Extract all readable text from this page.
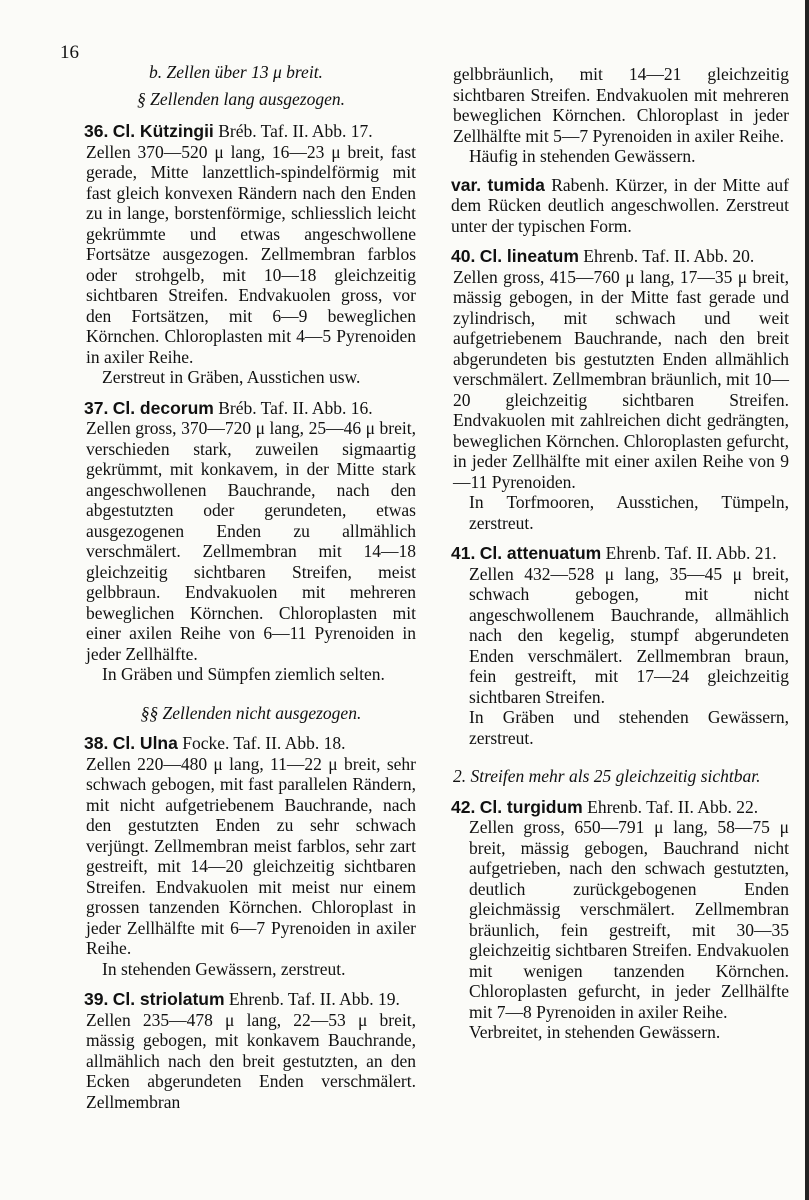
16

b. Zellen über 13 μ breit.

§ Zellenden lang ausgezogen.

36. Cl. Kützingii Bréb. Taf. II. Abb. 17.

Zellen 370—520 μ lang, 16—23 μ breit, fast gerade, Mitte lanzettlich-spindelförmig mit fast gleich konvexen Rändern nach den Enden zu in lange, borstenförmige, schliesslich leicht gekrümmte und etwas angeschwollene Fortsätze ausgezogen. Zellmembran farblos oder strohgelb, mit 10—18 gleichzeitig sichtbaren Streifen. Endvakuolen gross, vor den Fortsätzen, mit 6—9 beweglichen Körnchen. Chloroplasten mit 4—5 Pyrenoiden in axiler Reihe.

Zerstreut in Gräben, Ausstichen usw.

37. Cl. decorum Bréb. Taf. II. Abb. 16.

Zellen gross, 370—720 μ lang, 25—46 μ breit, verschieden stark, zuweilen sigmaartig gekrümmt, mit konkavem, in der Mitte stark angeschwollenen Bauchrande, nach den abgestutzten oder gerundeten, etwas ausgezogenen Enden zu allmählich verschmälert. Zellmembran mit 14—18 gleichzeitig sichtbaren Streifen, meist gelbbraun. Endvakuolen mit mehreren beweglichen Körnchen. Chloroplasten mit einer axilen Reihe von 6—11 Pyrenoiden in jeder Zellhälfte.

In Gräben und Sümpfen ziemlich selten.

§§ Zellenden nicht ausgezogen.

38. Cl. Ulna Focke. Taf. II. Abb. 18.

Zellen 220—480 μ lang, 11—22 μ breit, sehr schwach gebogen, mit fast parallelen Rändern, mit nicht aufgetriebenem Bauchrande, nach den gestutzten Enden zu sehr schwach verjüngt. Zellmembran meist farblos, sehr zart gestreift, mit 14—20 gleichzeitig sichtbaren Streifen. Endvakuolen mit meist nur einem grossen tanzenden Körnchen. Chloroplast in jeder Zellhälfte mit 6—7 Pyrenoiden in axiler Reihe.

In stehenden Gewässern, zerstreut.

39. Cl. striolatum Ehrenb. Taf. II. Abb. 19.

Zellen 235—478 μ lang, 22—53 μ breit, mässig gebogen, mit konkavem Bauchrande, allmählich nach den breit gestutzten, an den Ecken abgerundeten Enden verschmälert. Zellmembran

gelbbräunlich, mit 14—21 gleichzeitig sichtbaren Streifen. Endvakuolen mit mehreren beweglichen Körnchen. Chloroplast in jeder Zellhälfte mit 5—7 Pyrenoiden in axiler Reihe.

Häufig in stehenden Gewässern.

var. tumida Rabenh. Kürzer, in der Mitte auf dem Rücken deutlich angeschwollen. Zerstreut unter der typischen Form.

40. Cl. lineatum Ehrenb. Taf. II. Abb. 20.

Zellen gross, 415—760 μ lang, 17—35 μ breit, mässig gebogen, in der Mitte fast gerade und zylindrisch, mit schwach und weit aufgetriebenem Bauchrande, nach den breit abgerundeten bis gestutzten Enden allmählich verschmälert. Zellmembran bräunlich, mit 10—20 gleichzeitig sichtbaren Streifen. Endvakuolen mit zahlreichen dicht gedrängten, beweglichen Körnchen. Chloroplasten gefurcht, in jeder Zellhälfte mit einer axilen Reihe von 9—11 Pyrenoiden.

In Torfmooren, Ausstichen, Tümpeln, zerstreut.

41. Cl. attenuatum Ehrenb. Taf. II. Abb. 21.

Zellen 432—528 μ lang, 35—45 μ breit, schwach gebogen, mit nicht angeschwollenem Bauchrande, allmählich nach den kegelig, stumpf abgerundeten Enden verschmälert. Zellmembran braun, fein gestreift, mit 17—24 gleichzeitig sichtbaren Streifen.

In Gräben und stehenden Gewässern, zerstreut.

2. Streifen mehr als 25 gleichzeitig sichtbar.

42. Cl. turgidum Ehrenb. Taf. II. Abb. 22.

Zellen gross, 650—791 μ lang, 58—75 μ breit, mässig gebogen, Bauchrand nicht aufgetrieben, nach den schwach gestutzten, deutlich zurückgebogenen Enden gleichmässig verschmälert. Zellmembran bräunlich, fein gestreift, mit 30—35 gleichzeitig sichtbaren Streifen. Endvakuolen mit wenigen tanzenden Körnchen. Chloroplasten gefurcht, in jeder Zellhälfte mit 7—8 Pyrenoiden in axiler Reihe.

Verbreitet, in stehenden Gewässern.
